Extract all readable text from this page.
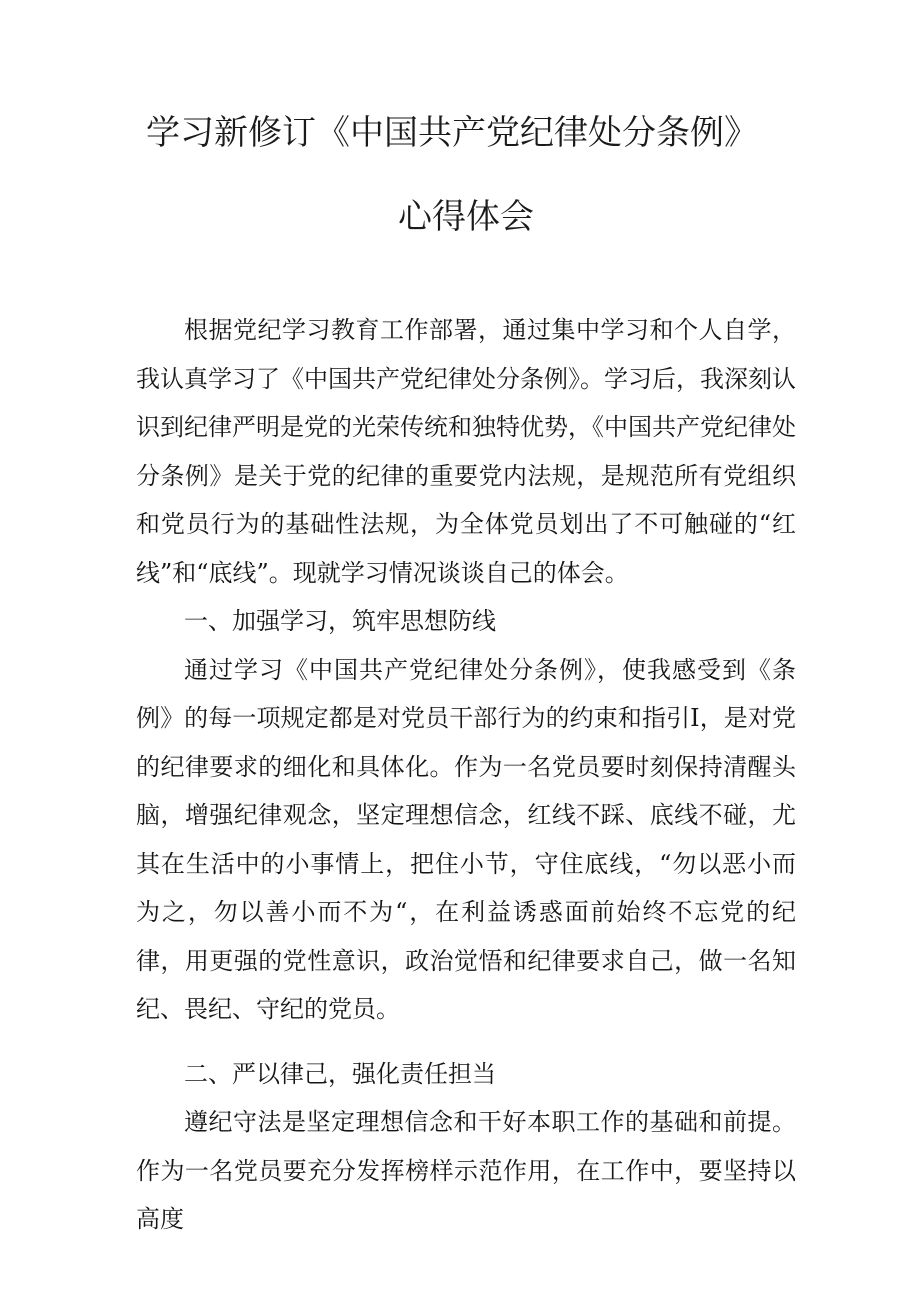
学习新修订《中国共产党纪律处分条例》
心得体会

根据党纪学习教育工作部署，通过集中学习和个人自学，我认真学习了《中国共产党纪律处分条例》。学习后，我深刻认识到纪律严明是党的光荣传统和独特优势，《中国共产党纪律处分条例》是关于党的纪律的重要党内法规，是规范所有党组织和党员行为的基础性法规，为全体党员划出了不可触碰的“红线”和“底线”。现就学习情况谈谈自己的体会。

一、加强学习，筑牢思想防线

通过学习《中国共产党纪律处分条例》，使我感受到《条例》的每一项规定都是对党员干部行为的约束和指引I，是对党的纪律要求的细化和具体化。作为一名党员要时刻保持清醒头脑，增强纪律观念，坚定理想信念，红线不踩、底线不碰，尤其在生活中的小事情上，把住小节，守住底线，“勿以恶小而为之，勿以善小而不为“，在利益诱惑面前始终不忘党的纪律，用更强的党性意识，政治觉悟和纪律要求自己，做一名知纪、畏纪、守纪的党员。

二、严以律己，强化责任担当

遵纪守法是坚定理想信念和干好本职工作的基础和前提。作为一名党员要充分发挥榜样示范作用，在工作中，要坚持以高度
